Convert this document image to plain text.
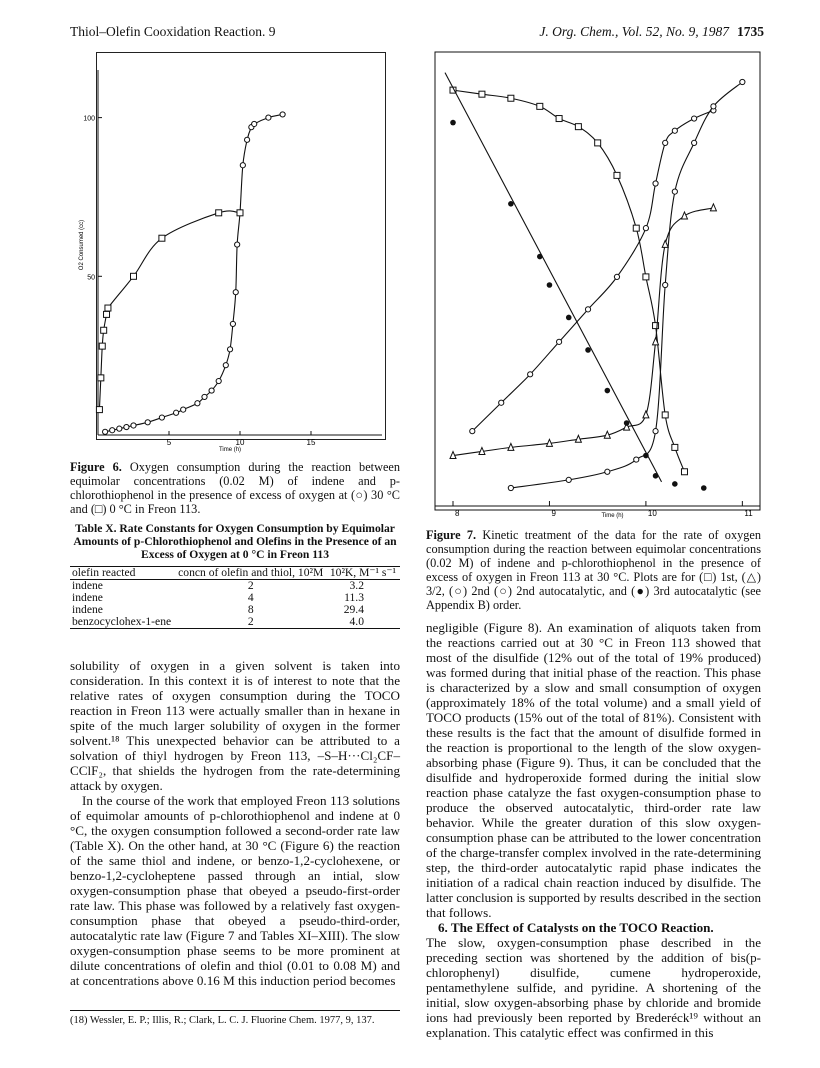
Thiol–Olefin Cooxidation Reaction. 9	J. Org. Chem., Vol. 52, No. 9, 1987 1735
5	10	15
50
100
Time (h)
O2 Consumed (cc)
Figure 6. Oxygen consumption during the reaction between equimolar concentrations (0.02 M) of indene and p-chlorothiophenol in the presence of excess of oxygen at (○) 30 °C and (□) 0 °C in Freon 113.
Table X. Rate Constants for Oxygen Consumption by Equimolar Amounts of p-Chlorothiophenol and Olefins in the Presence of an Excess of Oxygen at 0 °C in Freon 113
olefin reacted	concn of olefin and thiol, 10²M	10²K, M⁻¹ s⁻¹
indene	2	3.2
indene	4	11.3
indene	8	29.4
benzocyclohex-1-ene	2	4.0

solubility of oxygen in a given solvent is taken into consideration. In this context it is of interest to note that the relative rates of oxygen consumption during the TOCO reaction in Freon 113 were actually smaller than in hexane in spite of the much larger solubility of oxygen in the former solvent.¹⁸ This unexpected behavior can be attributed to a solvation of thiyl hydrogen by Freon 113, –S–H···Cl₂CF–CClF₂, that shields the hydrogen from the rate-determining attack by oxygen.

In the course of the work that employed Freon 113 solutions of equimolar amounts of p-chlorothiophenol and indene at 0 °C, the oxygen consumption followed a second-order rate law (Table X). On the other hand, at 30 °C (Figure 6) the reaction of the same thiol and indene, or benzo-1,2-cyclohexene, or benzo-1,2-cycloheptene passed through an intial, slow oxygen-consumption phase that obeyed a pseudo-first-order rate law. This phase was followed by a relatively fast oxygen-consumption phase that obeyed a pseudo-third-order, autocatalytic rate law (Figure 7 and Tables XI–XIII). The slow oxygen-consumption phase seems to be more prominent at dilute concentrations of olefin and thiol (0.01 to 0.08 M) and at concentrations above 0.16 M this induction period becomes

(18) Wessler, E. P.; Illis, R.; Clark, L. C. J. Fluorine Chem. 1977, 9, 137.
8	9	10	11
Time (h)
Figure 7. Kinetic treatment of the data for the rate of oxygen consumption during the reaction between equimolar concentrations (0.02 M) of indene and p-chlorothiophenol in the presence of excess of oxygen in Freon 113 at 30 °C. Plots are for (□) 1st, (△) 3/2, (○) 2nd (○) 2nd autocatalytic, and (●) 3rd autocatalytic (see Appendix B) order.

negligible (Figure 8). An examination of aliquots taken from the reactions carried out at 30 °C in Freon 113 showed that most of the disulfide (12% out of the total of 19% produced) was formed during that initial phase of the reaction. This phase is characterized by a slow and small consumption of oxygen (approximately 18% of the total volume) and a small yield of TOCO products (15% out of the total of 81%). Consistent with these results is the fact that the amount of disulfide formed in the reaction is proportional to the length of the slow oxygen-absorbing phase (Figure 9). Thus, it can be concluded that the disulfide and hydroperoxide formed during the initial slow reaction phase catalyze the fast oxygen-consumption phase to produce the observed autocatalytic, third-order rate law behavior. While the greater duration of this slow oxygen-consumption phase can be attributed to the lower concentration of the charge-transfer complex involved in the rate-determining step, the third-order autocatalytic rapid phase indicates the initiation of a radical chain reaction induced by disulfide. The latter conclusion is supported by results described in the section that follows.

6. The Effect of Catalysts on the TOCO Reaction.

The slow, oxygen-consumption phase described in the preceding section was shortened by the addition of bis(p-chlorophenyl) disulfide, cumene hydroperoxide, pentamethylene sulfide, and pyridine. A shortening of the initial, slow oxygen-absorbing phase by chloride and bromide ions had previously been reported by Brederéck¹⁹ without an explanation. This catalytic effect was confirmed in this
